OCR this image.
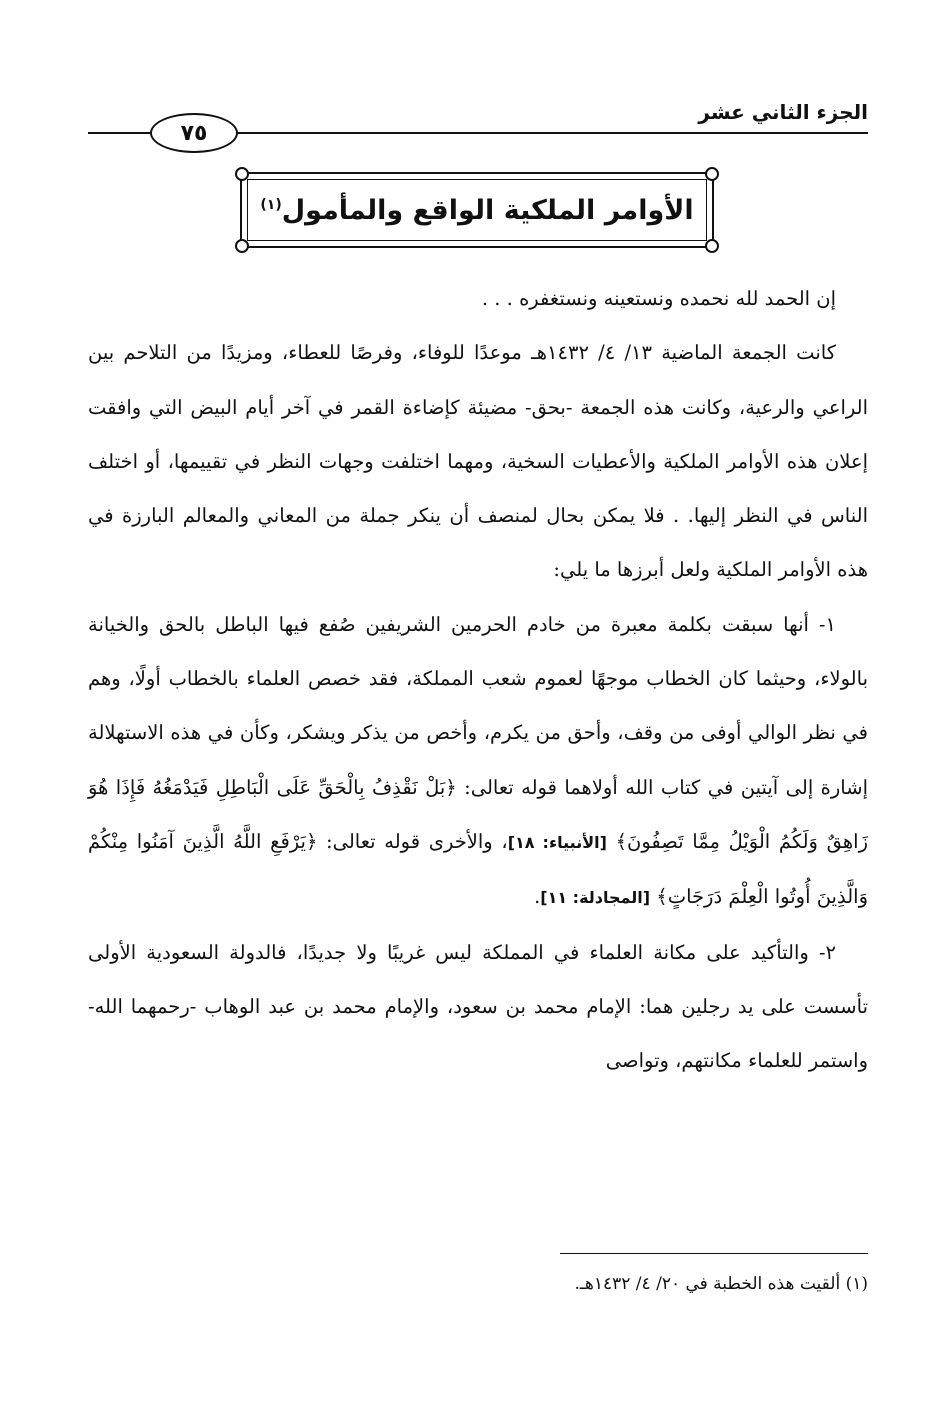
الجزء الثاني عشر
٧٥
الأوامر الملكية الواقع والمأمول$^{(١)}$

إن الحمد لله نحمده ونستعينه ونستغفره . . .

كانت الجمعة الماضية ١٣/ ٤/ ١٤٣٢هـ موعدًا للوفاء، وفرصًا للعطاء، ومزيدًا من التلاحم بين الراعي والرعية، وكانت هذه الجمعة -بحق- مضيئة كإضاءة القمر في آخر أيام البيض التي وافقت إعلان هذه الأوامر الملكية والأعطيات السخية، ومهما اختلفت وجهات النظر في تقييمها، أو اختلف الناس في النظر إليها. . فلا يمكن بحال لمنصف أن ينكر جملة من المعاني والمعالم البارزة في هذه الأوامر الملكية ولعل أبرزها ما يلي:

١- أنها سبقت بكلمة معبرة من خادم الحرمين الشريفين صُفع فيها الباطل بالحق والخيانة بالولاء، وحيثما كان الخطاب موجهًا لعموم شعب المملكة، فقد خصص العلماء بالخطاب أولًا، وهم في نظر الوالي أوفى من وقف، وأحق من يكرم، وأخص من يذكر ويشكر، وكأن في هذه الاستهلالة إشارة إلى آيتين في كتاب الله أولاهما قوله تعالى: ﴿بَلْ نَقْذِفُ بِالْحَقِّ عَلَى الْبَاطِلِ فَيَدْمَغُهُ فَإِذَا هُوَ زَاهِقٌ وَلَكُمُ الْوَيْلُ مِمَّا تَصِفُونَ﴾ [الأنبياء: ١٨]، والأخرى قوله تعالى: ﴿يَرْفَعِ اللَّهُ الَّذِينَ آمَنُوا مِنْكُمْ وَالَّذِينَ أُوتُوا الْعِلْمَ دَرَجَاتٍ﴾ [المجادلة: ١١].

٢- والتأكيد على مكانة العلماء في المملكة ليس غريبًا ولا جديدًا، فالدولة السعودية الأولى تأسست على يد رجلين هما: الإمام محمد بن سعود، والإمام محمد بن عبد الوهاب -رحمهما الله- واستمر للعلماء مكانتهم، وتواصى

(١) ألقيت هذه الخطبة في ٢٠/ ٤/ ١٤٣٢هـ.
